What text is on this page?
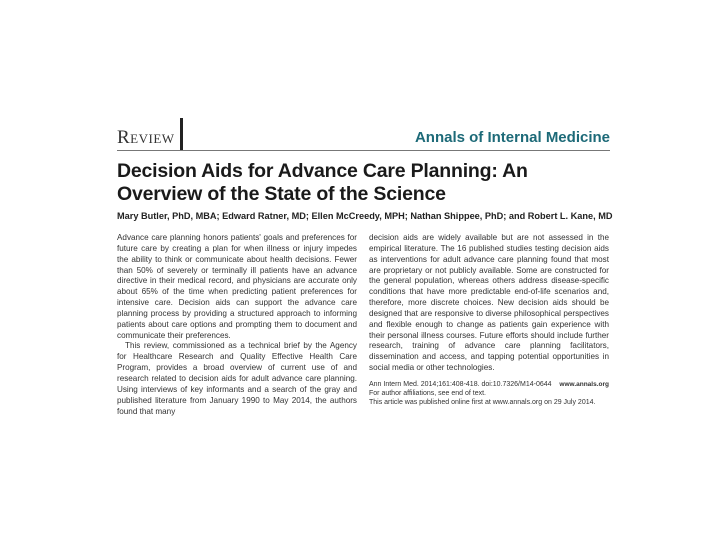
Review	Annals of Internal Medicine
Decision Aids for Advance Care Planning: An Overview of the State of the Science
Mary Butler, PhD, MBA; Edward Ratner, MD; Ellen McCreedy, MPH; Nathan Shippee, PhD; and Robert L. Kane, MD

Advance care planning honors patients' goals and preferences for future care by creating a plan for when illness or injury impedes the ability to think or communicate about health decisions. Fewer than 50% of severely or terminally ill patients have an advance directive in their medical record, and physicians are accurate only about 65% of the time when predicting patient preferences for intensive care. Decision aids can support the advance care planning process by providing a structured approach to informing patients about care options and prompting them to document and communicate their preferences.

This review, commissioned as a technical brief by the Agency for Healthcare Research and Quality Effective Health Care Program, provides a broad overview of current use of and research related to decision aids for adult advance care planning. Using interviews of key informants and a search of the gray and published literature from January 1990 to May 2014, the authors found that many

decision aids are widely available but are not assessed in the empirical literature. The 16 published studies testing decision aids as interventions for adult advance care planning found that most are proprietary or not publicly available. Some are constructed for the general population, whereas others address disease-specific conditions that have more predictable end-of-life scenarios and, therefore, more discrete choices. New decision aids should be designed that are responsive to diverse philosophical perspectives and flexible enough to change as patients gain experience with their personal illness courses. Future efforts should include further research, training of advance care planning facilitators, dissemination and access, and tapping potential opportunities in social media or other technologies.

Ann Intern Med. 2014;161:408-418. doi:10.7326/M14-0644 www.annals.org

For author affiliations, see end of text.

This article was published online first at www.annals.org on 29 July 2014.
